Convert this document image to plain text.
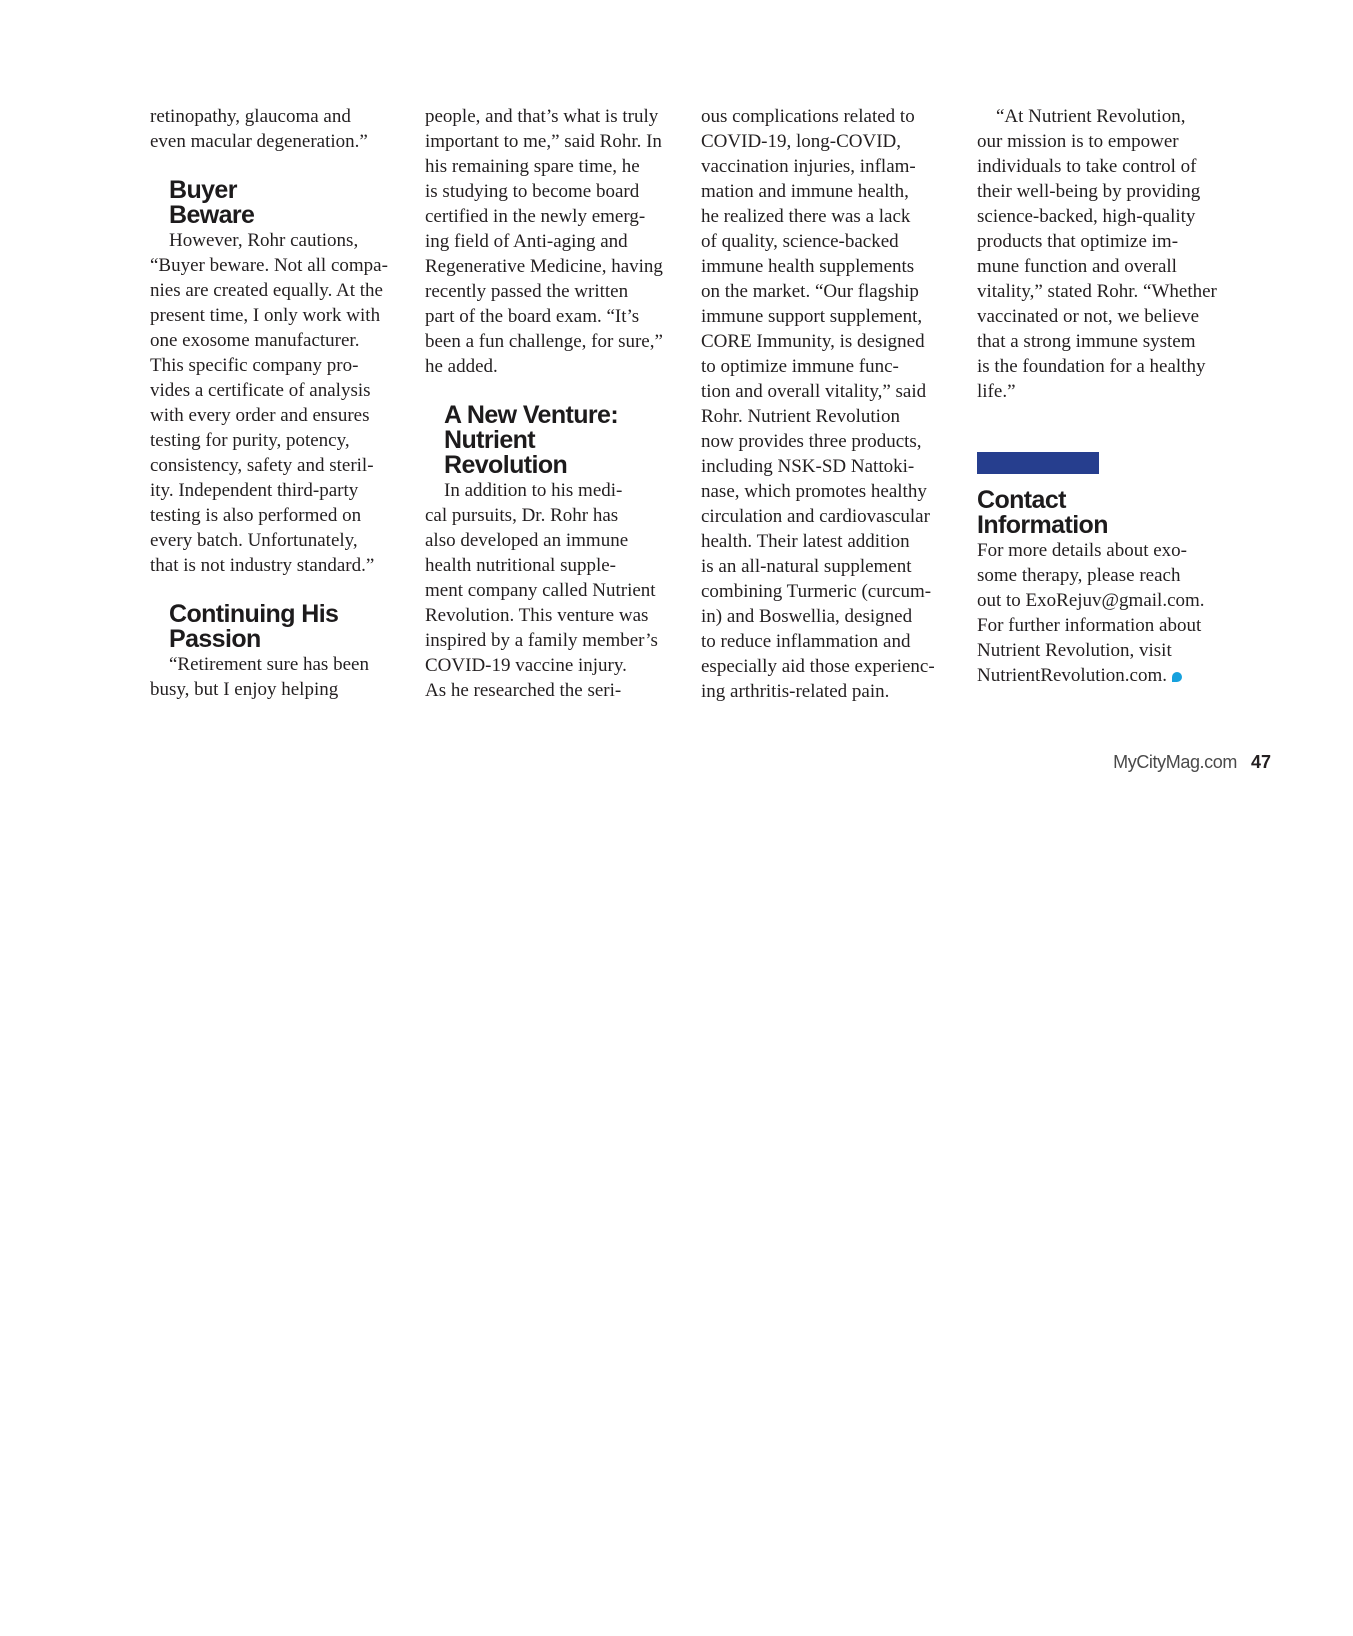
retinopathy, glaucoma and
even macular degeneration.”
Buyer
Beware
However, Rohr cautions,
“Buyer beware. Not all compa-
nies are created equally. At the
present time, I only work with
one exosome manufacturer.
This specific company pro-
vides a certificate of analysis
with every order and ensures
testing for purity, potency,
consistency, safety and steril-
ity. Independent third-party
testing is also performed on
every batch. Unfortunately,
that is not industry standard.”
Continuing His
Passion
“Retirement sure has been
busy, but I enjoy helping
people, and that’s what is truly
important to me,” said Rohr. In
his remaining spare time, he
is studying to become board
certified in the newly emerg-
ing field of Anti-aging and
Regenerative Medicine, having
recently passed the written
part of the board exam. “It’s
been a fun challenge, for sure,”
he added.
A New Venture:
Nutrient
Revolution
In addition to his medi-
cal pursuits, Dr. Rohr has
also developed an immune
health nutritional supple-
ment company called Nutrient
Revolution. This venture was
inspired by a family member’s
COVID-19 vaccine injury.
As he researched the seri-
ous complications related to
COVID-19, long-COVID,
vaccination injuries, inflam-
mation and immune health,
he realized there was a lack
of quality, science-backed
immune health supplements
on the market. “Our flagship
immune support supplement,
CORE Immunity, is designed
to optimize immune func-
tion and overall vitality,” said
Rohr. Nutrient Revolution
now provides three products,
including NSK-SD Nattoki-
nase, which promotes healthy
circulation and cardiovascular
health. Their latest addition
is an all-natural supplement
combining Turmeric (curcum-
in) and Boswellia, designed
to reduce inflammation and
especially aid those experienc-
ing arthritis-related pain.
“At Nutrient Revolution,
our mission is to empower
individuals to take control of
their well-being by providing
science-backed, high-quality
products that optimize im-
mune function and overall
vitality,” stated Rohr. “Whether
vaccinated or not, we believe
that a strong immune system
is the foundation for a healthy
life.”
Contact
Information
For more details about exo-
some therapy, please reach
out to ExoRejuv@gmail.com.
For further information about
Nutrient Revolution, visit
NutrientRevolution.com.
MyCityMag.com 47
